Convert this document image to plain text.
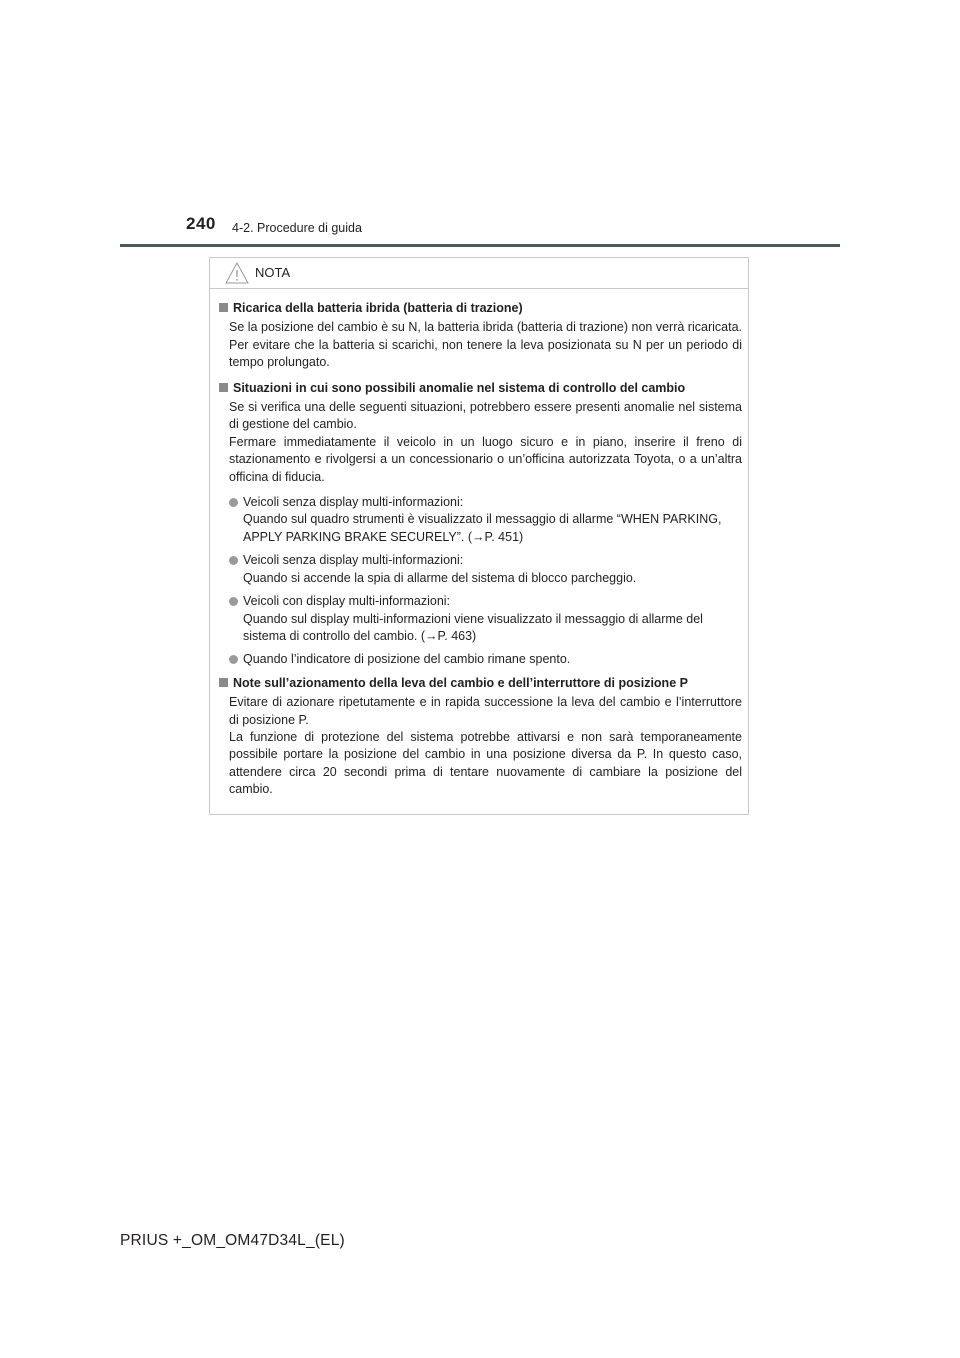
240 4-2. Procedure di guida
NOTA
Ricarica della batteria ibrida (batteria di trazione)

Se la posizione del cambio è su N, la batteria ibrida (batteria di trazione) non verrà ricaricata. Per evitare che la batteria si scarichi, non tenere la leva posizionata su N per un periodo di tempo prolungato.

Situazioni in cui sono possibili anomalie nel sistema di controllo del cambio

Se si verifica una delle seguenti situazioni, potrebbero essere presenti anomalie nel sistema di gestione del cambio.

Fermare immediatamente il veicolo in un luogo sicuro e in piano, inserire il freno di stazionamento e rivolgersi a un concessionario o un’officina autorizzata Toyota, o a un’altra officina di fiducia.

Veicoli senza display multi-informazioni:

Quando sul quadro strumenti è visualizzato il messaggio di allarme “WHEN PARKING, APPLY PARKING BRAKE SECURELY”. (→P. 451)

Veicoli senza display multi-informazioni:

Quando si accende la spia di allarme del sistema di blocco parcheggio.

Veicoli con display multi-informazioni:

Quando sul display multi-informazioni viene visualizzato il messaggio di allarme del sistema di controllo del cambio. (→P. 463)

Quando l’indicatore di posizione del cambio rimane spento.

Note sull’azionamento della leva del cambio e dell’interruttore di posizione P

Evitare di azionare ripetutamente e in rapida successione la leva del cambio e l’interruttore di posizione P.

La funzione di protezione del sistema potrebbe attivarsi e non sarà temporaneamente possibile portare la posizione del cambio in una posizione diversa da P. In questo caso, attendere circa 20 secondi prima di tentare nuovamente di cambiare la posizione del cambio.

PRIUS +_OM_OM47D34L_(EL)
